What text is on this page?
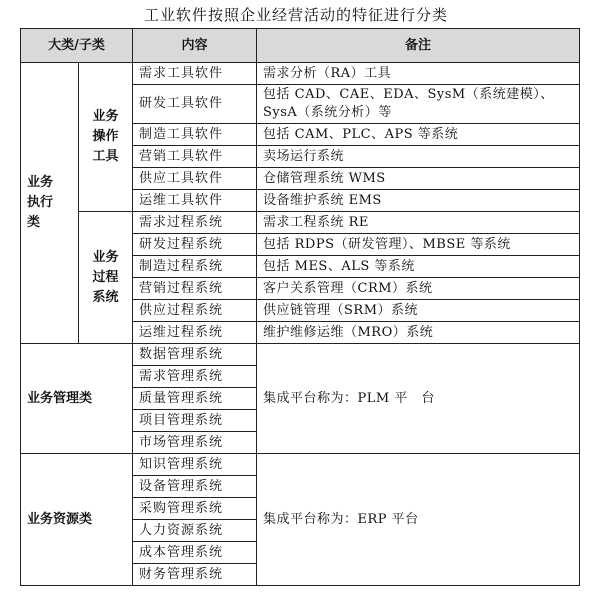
工业软件按照企业经营活动的特征进行分类
大类/子类		内容	备注
业务执行类	业务操作工具	需求工具软件	需求分析（RA）工具
		研发工具软件	包括 CAD、CAE、EDA、SysM（系统建模）、SysA（系统分析）等
		制造工具软件	包括 CAM、PLC、APS 等系统
		营销工具软件	卖场运行系统
		供应工具软件	仓储管理系统 WMS
		运维工具软件	设备维护系统 EMS
	业务过程系统	需求过程系统	需求工程系统 RE
		研发过程系统	包括 RDPS（研发管理）、MBSE 等系统
		制造过程系统	包括 MES、ALS 等系统
		营销过程系统	客户关系管理（CRM）系统
		供应过程系统	供应链管理（SRM）系统
		运维过程系统	维护维修运维（MRO）系统
业务管理类		数据管理系统	集成平台称为：PLM 平　台
		需求管理系统	
		质量管理系统	
		项目管理系统	
		市场管理系统	
业务资源类		知识管理系统	集成平台称为：ERP 平台
		设备管理系统	
		采购管理系统	
		人力资源系统	
		成本管理系统	
		财务管理系统	
